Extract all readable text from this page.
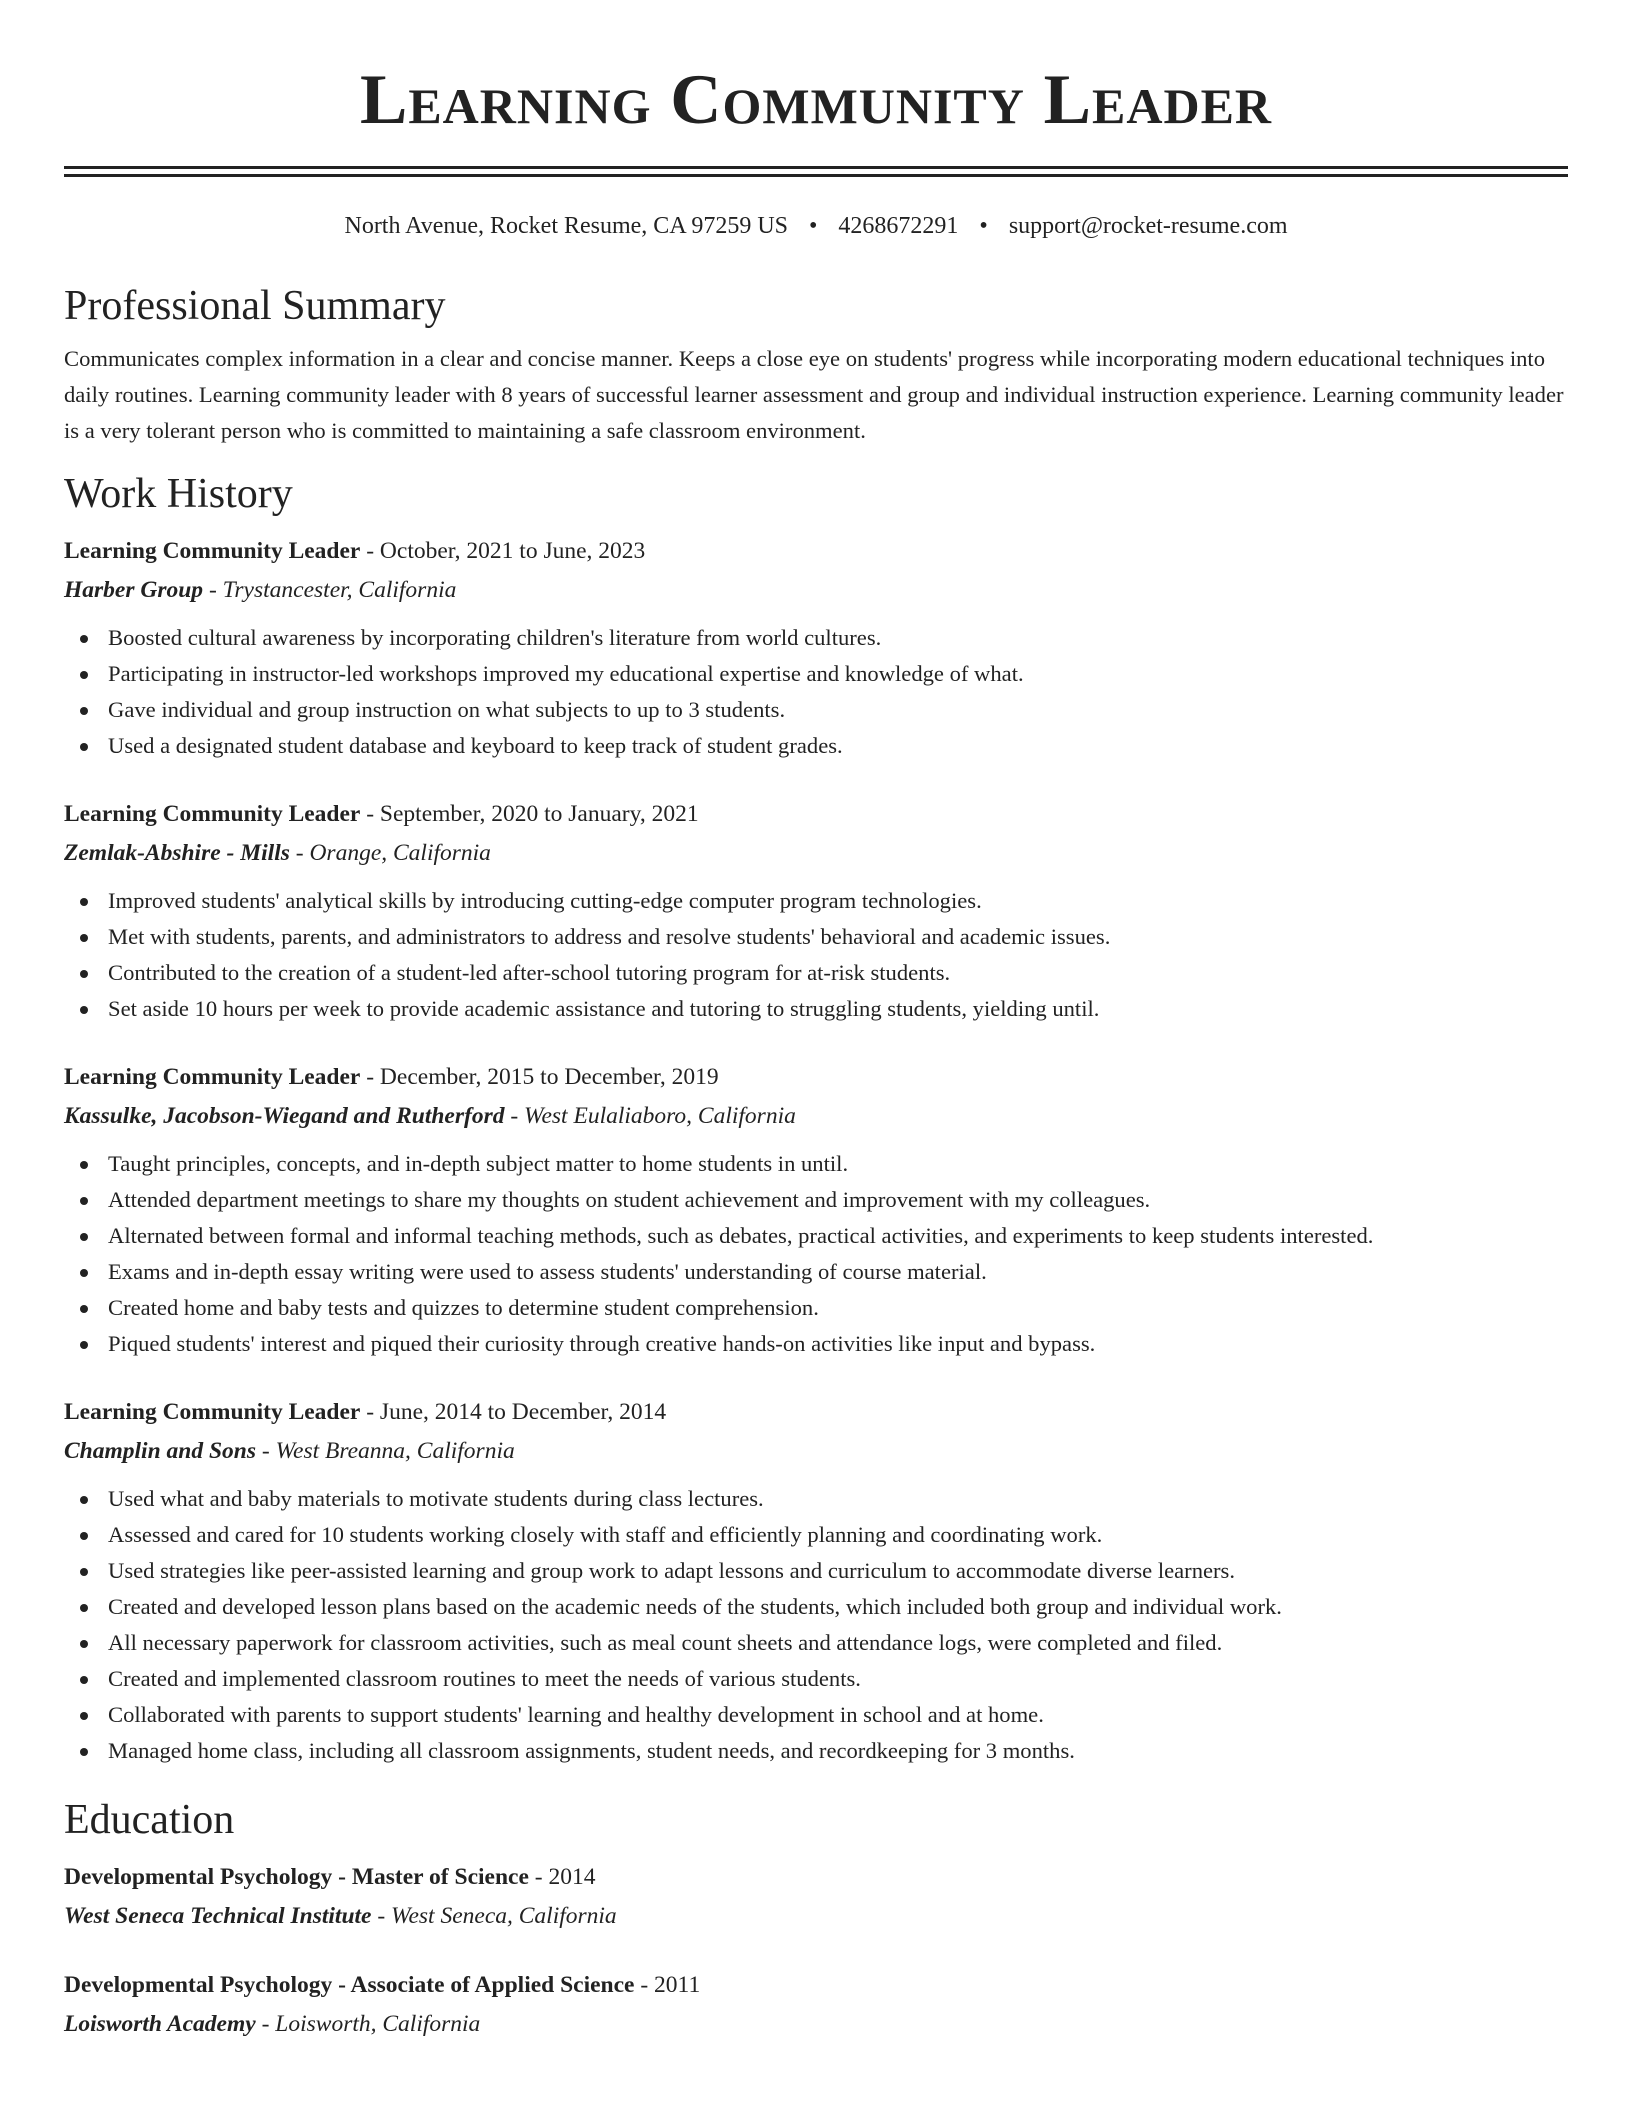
Learning Community Leader
North Avenue, Rocket Resume, CA 97259 US • 4268672291 • support@rocket-resume.com
Professional Summary

Communicates complex information in a clear and concise manner. Keeps a close eye on students' progress while incorporating modern educational techniques into daily routines. Learning community leader with 8 years of successful learner assessment and group and individual instruction experience. Learning community leader is a very tolerant person who is committed to maintaining a safe classroom environment.

Work History
Learning Community Leader - October, 2021 to June, 2023
Harber Group - Trystancester, California
Boosted cultural awareness by incorporating children's literature from world cultures.
Participating in instructor-led workshops improved my educational expertise and knowledge of what.
Gave individual and group instruction on what subjects to up to 3 students.
Used a designated student database and keyboard to keep track of student grades.
Learning Community Leader - September, 2020 to January, 2021
Zemlak-Abshire - Mills - Orange, California
Improved students' analytical skills by introducing cutting-edge computer program technologies.
Met with students, parents, and administrators to address and resolve students' behavioral and academic issues.
Contributed to the creation of a student-led after-school tutoring program for at-risk students.
Set aside 10 hours per week to provide academic assistance and tutoring to struggling students, yielding until.
Learning Community Leader - December, 2015 to December, 2019
Kassulke, Jacobson-Wiegand and Rutherford - West Eulaliaboro, California
Taught principles, concepts, and in-depth subject matter to home students in until.
Attended department meetings to share my thoughts on student achievement and improvement with my colleagues.
Alternated between formal and informal teaching methods, such as debates, practical activities, and experiments to keep students interested.
Exams and in-depth essay writing were used to assess students' understanding of course material.
Created home and baby tests and quizzes to determine student comprehension.
Piqued students' interest and piqued their curiosity through creative hands-on activities like input and bypass.
Learning Community Leader - June, 2014 to December, 2014
Champlin and Sons - West Breanna, California
Used what and baby materials to motivate students during class lectures.
Assessed and cared for 10 students working closely with staff and efficiently planning and coordinating work.
Used strategies like peer-assisted learning and group work to adapt lessons and curriculum to accommodate diverse learners.
Created and developed lesson plans based on the academic needs of the students, which included both group and individual work.
All necessary paperwork for classroom activities, such as meal count sheets and attendance logs, were completed and filed.
Created and implemented classroom routines to meet the needs of various students.
Collaborated with parents to support students' learning and healthy development in school and at home.
Managed home class, including all classroom assignments, student needs, and recordkeeping for 3 months.
Education
Developmental Psychology - Master of Science - 2014
West Seneca Technical Institute - West Seneca, California
Developmental Psychology - Associate of Applied Science - 2011
Loisworth Academy - Loisworth, California
